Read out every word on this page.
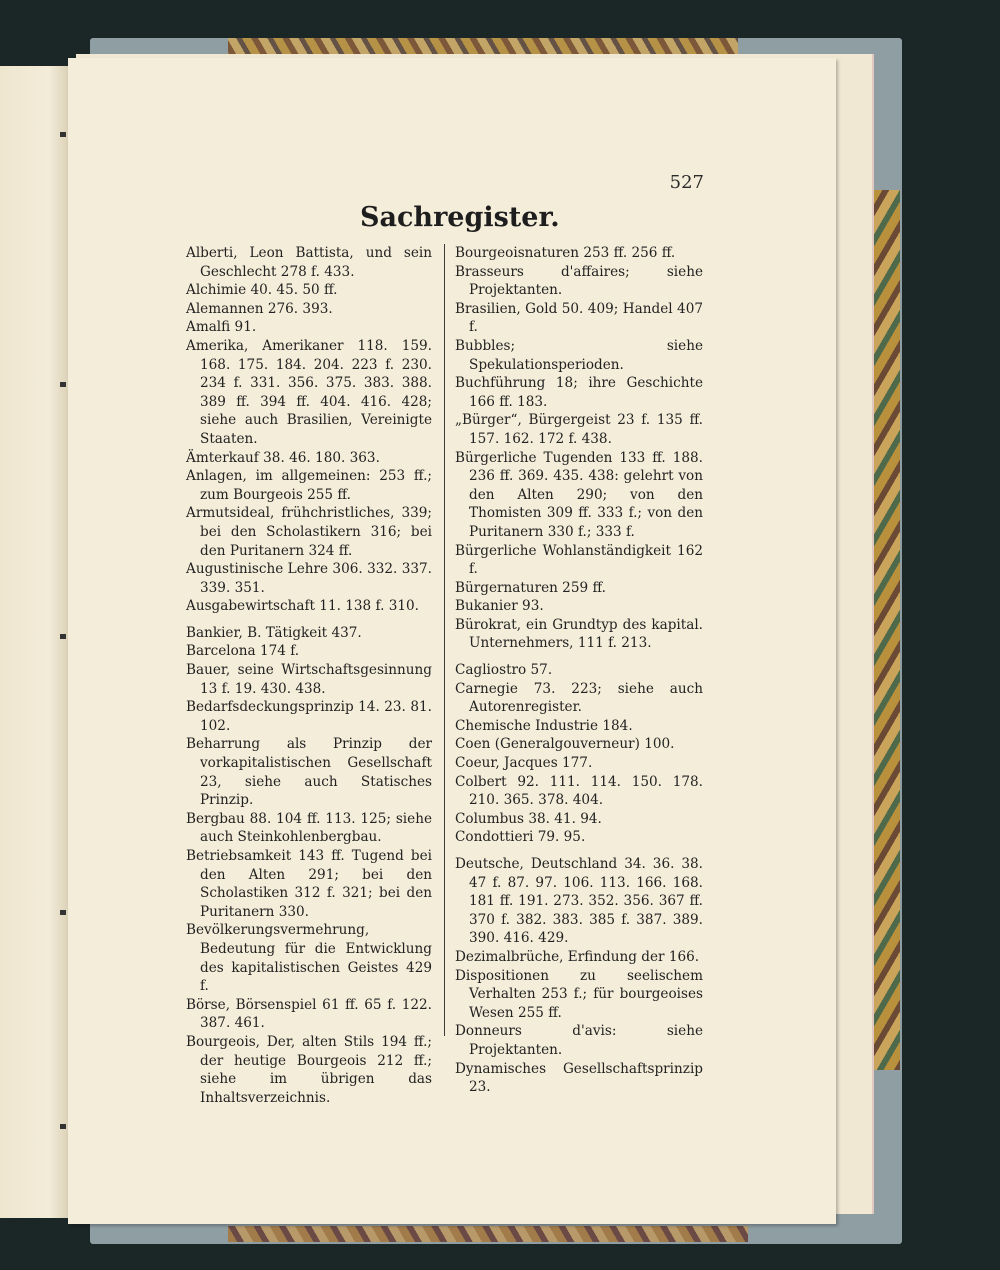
527
Sachregister.

Alberti, Leon Battista, und sein Geschlecht 278 f. 433.

Alchimie 40. 45. 50 ff.

Alemannen 276. 393.

Amalfi 91.

Amerika, Amerikaner 118. 159. 168. 175. 184. 204. 223 f. 230. 234 f. 331. 356. 375. 383. 388. 389 ff. 394 ff. 404. 416. 428; siehe auch Brasilien, Vereinigte Staaten.

Ämterkauf 38. 46. 180. 363.

Anlagen, im allgemeinen: 253 ff.; zum Bourgeois 255 ff.

Armutsideal, frühchristliches, 339; bei den Scholastikern 316; bei den Puritanern 324 ff.

Augustinische Lehre 306. 332. 337. 339. 351.

Ausgabewirtschaft 11. 138 f. 310.

Bankier, B. Tätigkeit 437.

Barcelona 174 f.

Bauer, seine Wirtschaftsgesinnung 13 f. 19. 430. 438.

Bedarfsdeckungsprinzip 14. 23. 81. 102.

Beharrung als Prinzip der vorkapitalistischen Gesellschaft 23, siehe auch Statisches Prinzip.

Bergbau 88. 104 ff. 113. 125; siehe auch Steinkohlenbergbau.

Betriebsamkeit 143 ff. Tugend bei den Alten 291; bei den Scholastiken 312 f. 321; bei den Puritanern 330.

Bevölkerungsvermehrung, Bedeutung für die Entwicklung des kapitalistischen Geistes 429 f.

Börse, Börsenspiel 61 ff. 65 f. 122. 387. 461.

Bourgeois, Der, alten Stils 194 ff.; der heutige Bourgeois 212 ff.; siehe im übrigen das Inhaltsverzeichnis.

Bourgeoisnaturen 253 ff. 256 ff.

Brasseurs d'affaires; siehe Projektanten.

Brasilien, Gold 50. 409; Handel 407 f.

Bubbles; siehe Spekulationsperioden.

Buchführung 18; ihre Geschichte 166 ff. 183.

„Bürger“, Bürgergeist 23 f. 135 ff. 157. 162. 172 f. 438.

Bürgerliche Tugenden 133 ff. 188. 236 ff. 369. 435. 438: gelehrt von den Alten 290; von den Thomisten 309 ff. 333 f.; von den Puritanern 330 f.; 333 f.

Bürgerliche Wohlanständigkeit 162 f.

Bürgernaturen 259 ff.

Bukanier 93.

Bürokrat, ein Grundtyp des kapital. Unternehmers, 111 f. 213.

Cagliostro 57.

Carnegie 73. 223; siehe auch Autorenregister.

Chemische Industrie 184.

Coen (Generalgouverneur) 100.

Coeur, Jacques 177.

Colbert 92. 111. 114. 150. 178. 210. 365. 378. 404.

Columbus 38. 41. 94.

Condottieri 79. 95.

Deutsche, Deutschland 34. 36. 38. 47 f. 87. 97. 106. 113. 166. 168. 181 ff. 191. 273. 352. 356. 367 ff. 370 f. 382. 383. 385 f. 387. 389. 390. 416. 429.

Dezimalbrüche, Erfindung der 166.

Dispositionen zu seelischem Verhalten 253 f.; für bourgeoises Wesen 255 ff.

Donneurs d'avis: siehe Projektanten.

Dynamisches Gesellschaftsprinzip 23.
